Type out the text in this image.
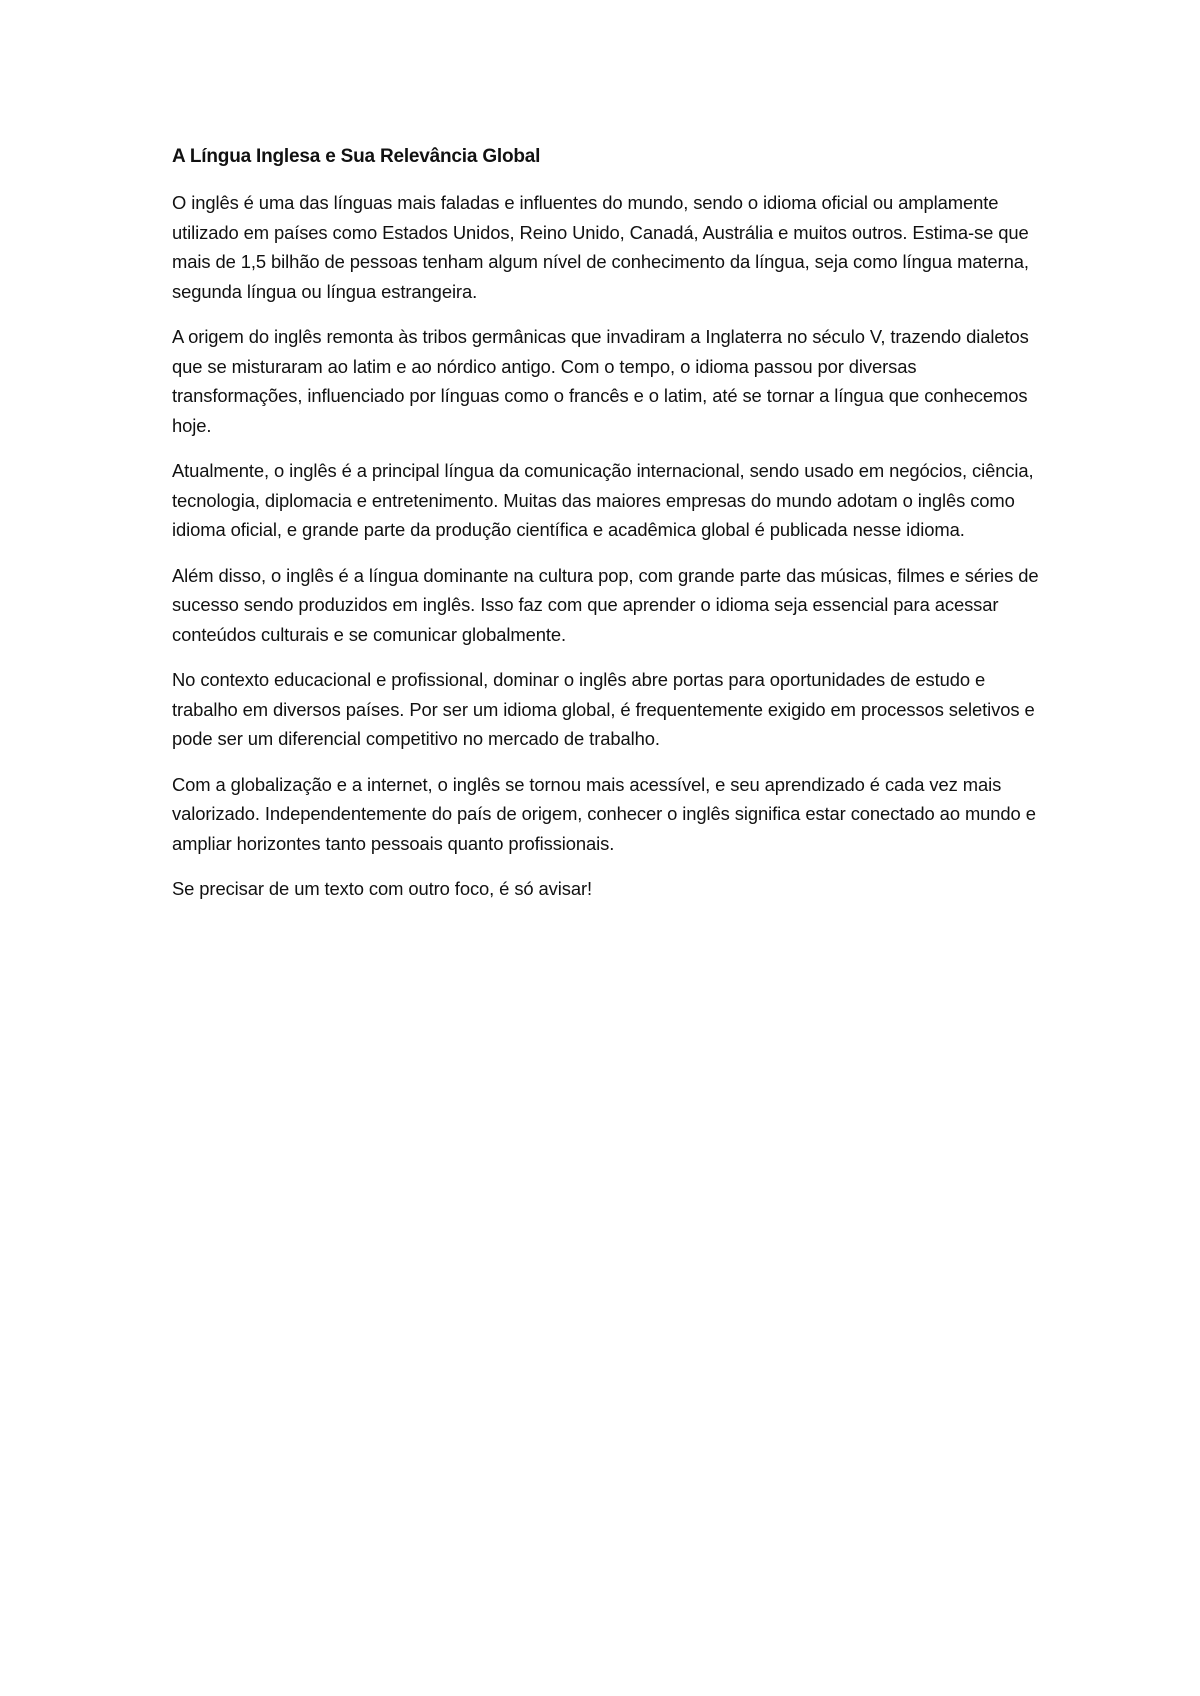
A Língua Inglesa e Sua Relevância Global

O inglês é uma das línguas mais faladas e influentes do mundo, sendo o idioma oficial ou amplamente utilizado em países como Estados Unidos, Reino Unido, Canadá, Austrália e muitos outros. Estima-se que mais de 1,5 bilhão de pessoas tenham algum nível de conhecimento da língua, seja como língua materna, segunda língua ou língua estrangeira.

A origem do inglês remonta às tribos germânicas que invadiram a Inglaterra no século V, trazendo dialetos que se misturaram ao latim e ao nórdico antigo. Com o tempo, o idioma passou por diversas transformações, influenciado por línguas como o francês e o latim, até se tornar a língua que conhecemos hoje.

Atualmente, o inglês é a principal língua da comunicação internacional, sendo usado em negócios, ciência, tecnologia, diplomacia e entretenimento. Muitas das maiores empresas do mundo adotam o inglês como idioma oficial, e grande parte da produção científica e acadêmica global é publicada nesse idioma.

Além disso, o inglês é a língua dominante na cultura pop, com grande parte das músicas, filmes e séries de sucesso sendo produzidos em inglês. Isso faz com que aprender o idioma seja essencial para acessar conteúdos culturais e se comunicar globalmente.

No contexto educacional e profissional, dominar o inglês abre portas para oportunidades de estudo e trabalho em diversos países. Por ser um idioma global, é frequentemente exigido em processos seletivos e pode ser um diferencial competitivo no mercado de trabalho.

Com a globalização e a internet, o inglês se tornou mais acessível, e seu aprendizado é cada vez mais valorizado. Independentemente do país de origem, conhecer o inglês significa estar conectado ao mundo e ampliar horizontes tanto pessoais quanto profissionais.

Se precisar de um texto com outro foco, é só avisar!
